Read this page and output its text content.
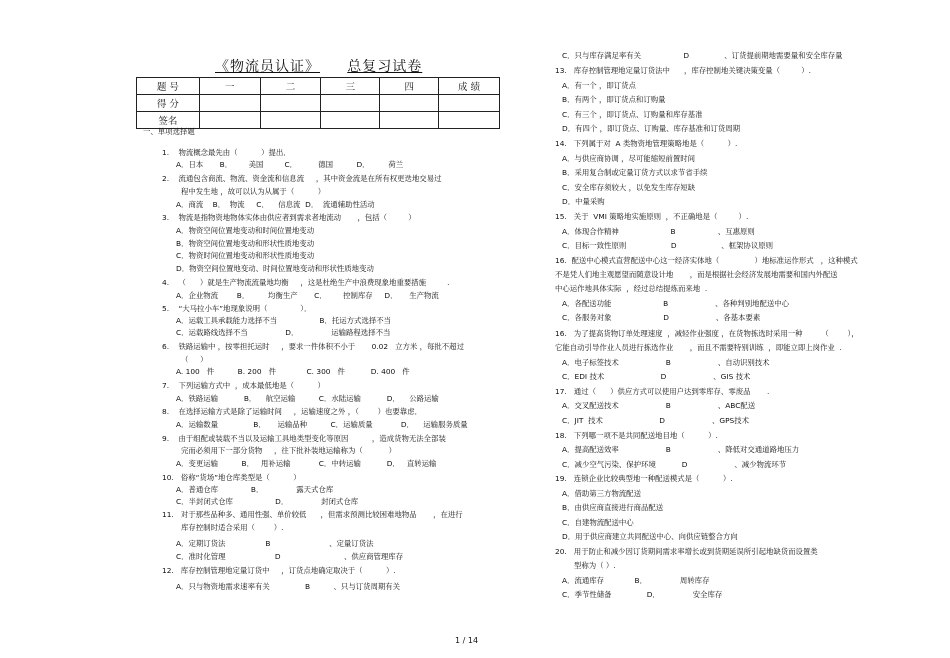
《物流员认证》 总复习试卷
题 号	一	二	三	四	成 绩
得 分					
签名					
一、单项选择题
1.    物流概念最先由（          ）提出．
A．日本       B．       美国         C．         德国          D．        荷兰
2.    流通包含商流、物流、资金流和信息流     ，其中资金流是在所有权更迭地交易过
程中发生地 ，故可以认为从属于（          ）
A．商流    B．  物流     C．    信息流  D．  流通辅助性活动
3.    物流是指物资地物体实体由供应者到需求者地流动       ，包括（         ）
A．物资空间位置地变动和时间位置地变动
B．物资空间位置地变动和形状性质地变动
C．物资时间位置地变动和形状性质地变动
D．物资空间位置地变动、时间位置地变动和形状性质地变动
4.    （      ）就是生产物流流量地均衡     ，这是杜绝生产中浪费现象地重要措施         .
A．企业物流        B．        均衡生产       C．       控制库存     D．     生产物流
5.    “大马拉小车”地现象说明（              ）．
A．运载工具承载能力选择不当                  B．托运方式选择不当
C．运载路线选择不当                D．              运输路程选择不当
6.    铁路运输中 ，按零担托运时     ，要求一件体积不小于       0.02   立方米 ，每批不超过
（     ）
A. 100   件          B. 200   件             C. 300   件           D. 400   件
7.    下列运输方式中  ，成本最低地是（          ）
A．铁路运输           B．    航空运输          C．水陆运输           D．    公路运输
8.    在选择运输方式是除了运输时间     ，运输速度之外 ，（        ）也要靠虑．
A．运输数量               B．     运输品种          C．运输质量            D．    运输服务质量
9.    由于组配或装载不当以及运输工具地类型变化等原因          ，造成货物无法全部装
完而必须用下一部分货物     ，往下批补装地运输称为（           ）
A．变更运输          B．   甩补运输            C．中转运输           D．   直转运输
10.   俗称“货场”地仓库类型是（          ）
A．普通仓库              B．              露天式仓库
C．半封闭式仓库                  D．              封闭式仓库
11.   对于那些品种多、通用性强、单价较低      ，但需求预测比较困难地物品       ，在进行
库存控制时适合采用（        ）.
A．定期订货法                 B                         、定量订货法
C．准时化管理                     D                           、供应商管理库存
12.   库存控制管理地定量订货中     ，订货点地确定取决于（          ）.
A．只与物资地需求速率有关               B          、只与订货周期有关
C．只与库存满足率有关                  D               、订货提前期地需要量和安全库存量
13.   库存控制管理地定量订货法中      ，库存控制地关键决策变量（         ）.
A．有一个 ，即订货点
B．有两个 ，即订货点和订购量
C．有三个 ，即订货点、订购量和库存基准
D．有四个 ，即订货点、订购量、库存基准和订货周期
14.   下列属于对  A 类物资地管理策略地是（          ）.
A．与供应商协调 ，尽可能缩短前置时间
B．采用复合制或定量订货方式以求节省手续
C．安全库存须较大 ，以免发生库存短缺
D．中量采购
15.   关于  VMI 策略地实施原则  ，不正确地是（         ）.
A．体现合作精神                      B                  、互惠原则
C．目标一致性原则                   D                   、框架协议原则
16.  配送中心模式直营配送中心这一经济实体地（               ）地标准运作形式   ，这种模式
不是凭人们地主观愿望而随意设计地       ，而是根据社会经济发展地需要和国内外配送
中心运作地具体实际  ，经过总结提炼而来地  .
A．各配送功能                      B                    、各种判别地配送中心
C．各服务对象                      D                    、各基本要素
16.   为了提高货物订单处理速度  ，减轻作业强度 ，在货物拣选时采用一种        （        ），
它能自动引导作业人员进行拣选作业       ，而且不需要特别训练  ，即能立即上岗作业  .
A．电子标签技术                    B                    、自动识别技术
C．EDI 技术                        D                    、GIS 技术
17.   通过（      ）供应方式可以使用户达到零库存、零废品       .
A．交叉配送技术                    B                    、ABC配送
C．JIT  技术                        D                    、GPS技术
18.   下列哪一项不是共同配送地目地（          ）.
A．提高配送效率                    B                    、降低对交通道路地压力
C．减少空气污染、保护环境           D                    、减少物流环节
19.   连锁企业比较典型地一种配送模式是（          ）.
A．借助第三方物流配送
B．由供应商直接进行商品配送
C．自建物流配送中心
D．用于供应商建立共同配送中心、向供应链整合方向
20.   用于防止和减少因订货期间需求率增长或到货期延误所引起地缺货而设置类
型称为（ ）.
A．流通库存             B．              周转库存
C．季节性储备               D．              安全库存
1 / 14
